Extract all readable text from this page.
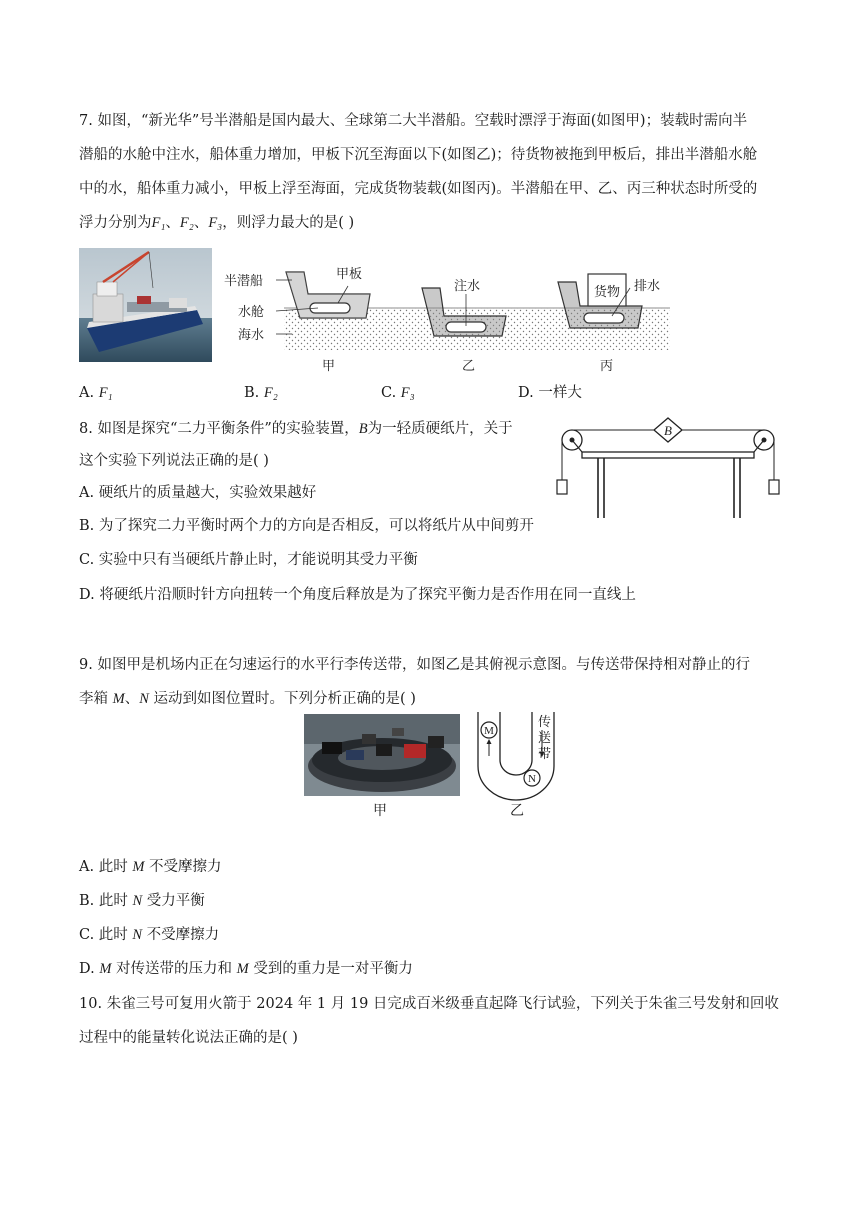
7. 如图，“新光华”号半潜船是国内最大、全球第二大半潜船。空载时漂浮于海面(如图甲)；装载时需向半
潜船的水舱中注水，船体重力增加，甲板下沉至海面以下(如图乙)；待货物被拖到甲板后，排出半潜船水舱
中的水，船体重力减小，甲板上浮至海面，完成货物装载(如图丙)。半潜船在甲、乙、丙三种状态时所受的
浮力分别为F₁、F₂、F₃，则浮力最大的是( )
半潜船
水舱
海水
甲板
注水	货物 排水
甲	乙	丙
A. F₁	B. F₂	C. F₃	D. 一样大
8. 如图是探究“二力平衡条件”的实验装置，B为一轻质硬纸片，关于
这个实验下列说法正确的是( )
B
A. 硬纸片的质量越大，实验效果越好
B. 为了探究二力平衡时两个力的方向是否相反，可以将纸片从中间剪开
C. 实验中只有当硬纸片静止时，才能说明其受力平衡
D. 将硬纸片沿顺时针方向扭转一个角度后释放是为了探究平衡力是否作用在同一直线上
9. 如图甲是机场内正在匀速运行的水平行李传送带，如图乙是其俯视示意图。与传送带保持相对静止的行
李箱 M、N 运动到如图位置时。下列分析正确的是( )
M
N
传
送
带
甲	乙
A. 此时 M 不受摩擦力
B. 此时 N 受力平衡
C. 此时 N 不受摩擦力
D. M 对传送带的压力和 M 受到的重力是一对平衡力
10. 朱雀三号可复用火箭于 2024 年 1 月 19 日完成百米级垂直起降飞行试验，下列关于朱雀三号发射和回收
过程中的能量转化说法正确的是( )
